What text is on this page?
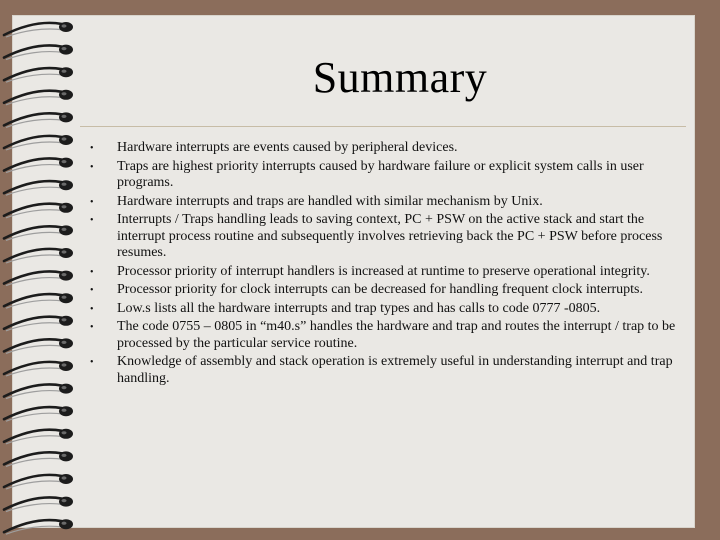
Summary
• Hardware interrupts are events caused by peripheral devices.
• Traps are highest priority interrupts caused by hardware failure or explicit system calls in user programs.
• Hardware interrupts and traps are handled with similar mechanism by Unix.
• Interrupts / Traps handling leads to saving context, PC + PSW on the active stack and start the interrupt process routine and subsequently involves retrieving back the PC + PSW before process resumes.
• Processor priority of interrupt handlers is increased at runtime to preserve operational integrity.
• Processor priority for clock interrupts can be decreased for handling frequent clock interrupts.
• Low.s lists all the hardware interrupts and trap types and has calls to code 0777 -0805.
• The code 0755 – 0805 in “m40.s” handles the hardware and trap and routes the interrupt / trap to be processed by the particular service routine.
• Knowledge of assembly and stack operation is extremely useful in understanding interrupt and trap handling.
